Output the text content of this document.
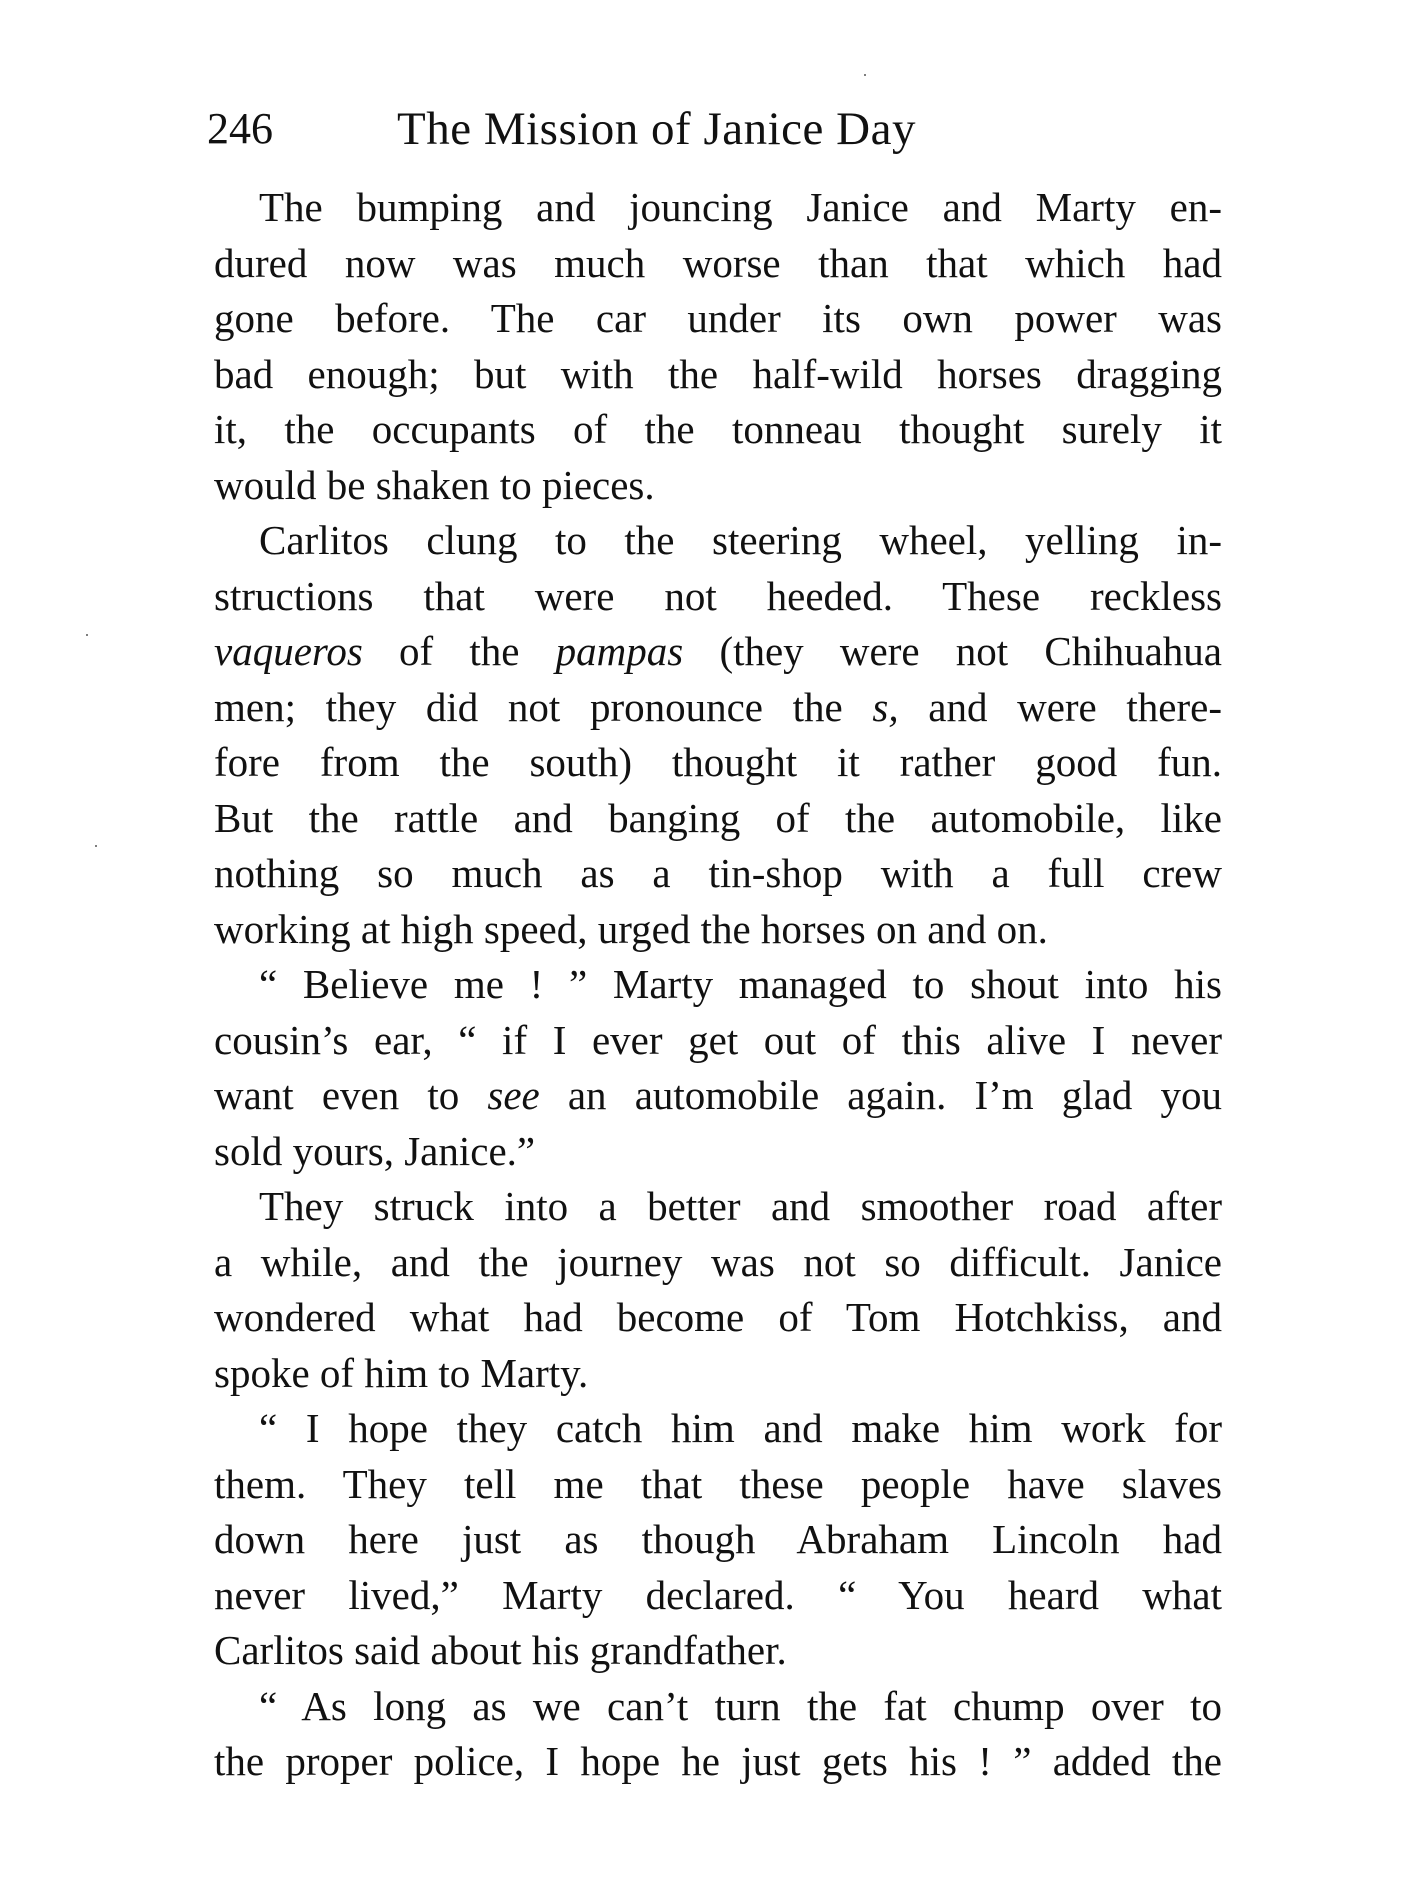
246	The Mission of Janice Day
The bumping and jouncing Janice and Marty en-
dured now was much worse than that which had
gone before. The car under its own power was
bad enough; but with the half-wild horses dragging
it, the occupants of the tonneau thought surely it
would be shaken to pieces.
Carlitos clung to the steering wheel, yelling in-
structions that were not heeded. These reckless
vaqueros of the pampas (they were not Chihuahua
men; they did not pronounce the s, and were there-
fore from the south) thought it rather good fun.
But the rattle and banging of the automobile, like
nothing so much as a tin-shop with a full crew
working at high speed, urged the horses on and on.
“ Believe me ! ” Marty managed to shout into his
cousin’s ear, “ if I ever get out of this alive I never
want even to see an automobile again. I’m glad you
sold yours, Janice.”
They struck into a better and smoother road after
a while, and the journey was not so difficult. Janice
wondered what had become of Tom Hotchkiss, and
spoke of him to Marty.
“ I hope they catch him and make him work for
them. They tell me that these people have slaves
down here just as though Abraham Lincoln had
never lived,” Marty declared. “ You heard what
Carlitos said about his grandfather.
“ As long as we can’t turn the fat chump over to
the proper police, I hope he just gets his ! ” added the
